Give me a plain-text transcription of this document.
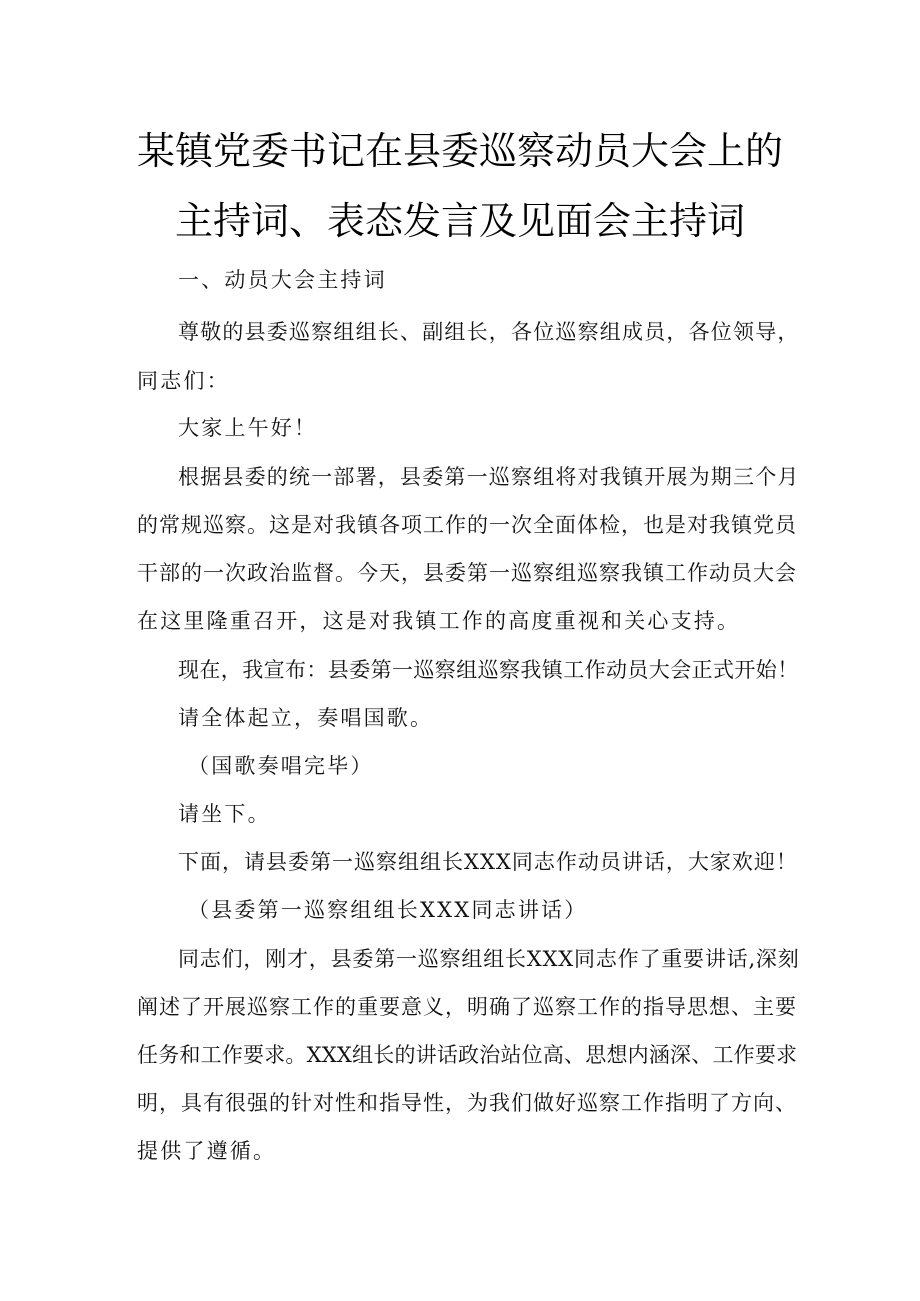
某镇党委书记在县委巡察动员大会上的
主持词、表态发言及见面会主持词
一、动员大会主持词
尊敬的县委巡察组组长、副组长，各位巡察组成员，各位领导，
同志们：
大家上午好！
根据县委的统一部署，县委第一巡察组将对我镇开展为期三个月
的常规巡察。这是对我镇各项工作的一次全面体检，也是对我镇党员
干部的一次政治监督。今天，县委第一巡察组巡察我镇工作动员大会
在这里隆重召开，这是对我镇工作的高度重视和关心支持。
现在，我宣布：县委第一巡察组巡察我镇工作动员大会正式开始！
请全体起立，奏唱国歌。
（国歌奏唱完毕）
请坐下。
下面，请县委第一巡察组组长XXX同志作动员讲话，大家欢迎！
（县委第一巡察组组长XXX同志讲话）
同志们，刚才，县委第一巡察组组长XXX同志作了重要讲话,深刻
阐述了开展巡察工作的重要意义，明确了巡察工作的指导思想、主要
任务和工作要求。XXX组长的讲话政治站位高、思想内涵深、工作要求
明，具有很强的针对性和指导性，为我们做好巡察工作指明了方向、
提供了遵循。
